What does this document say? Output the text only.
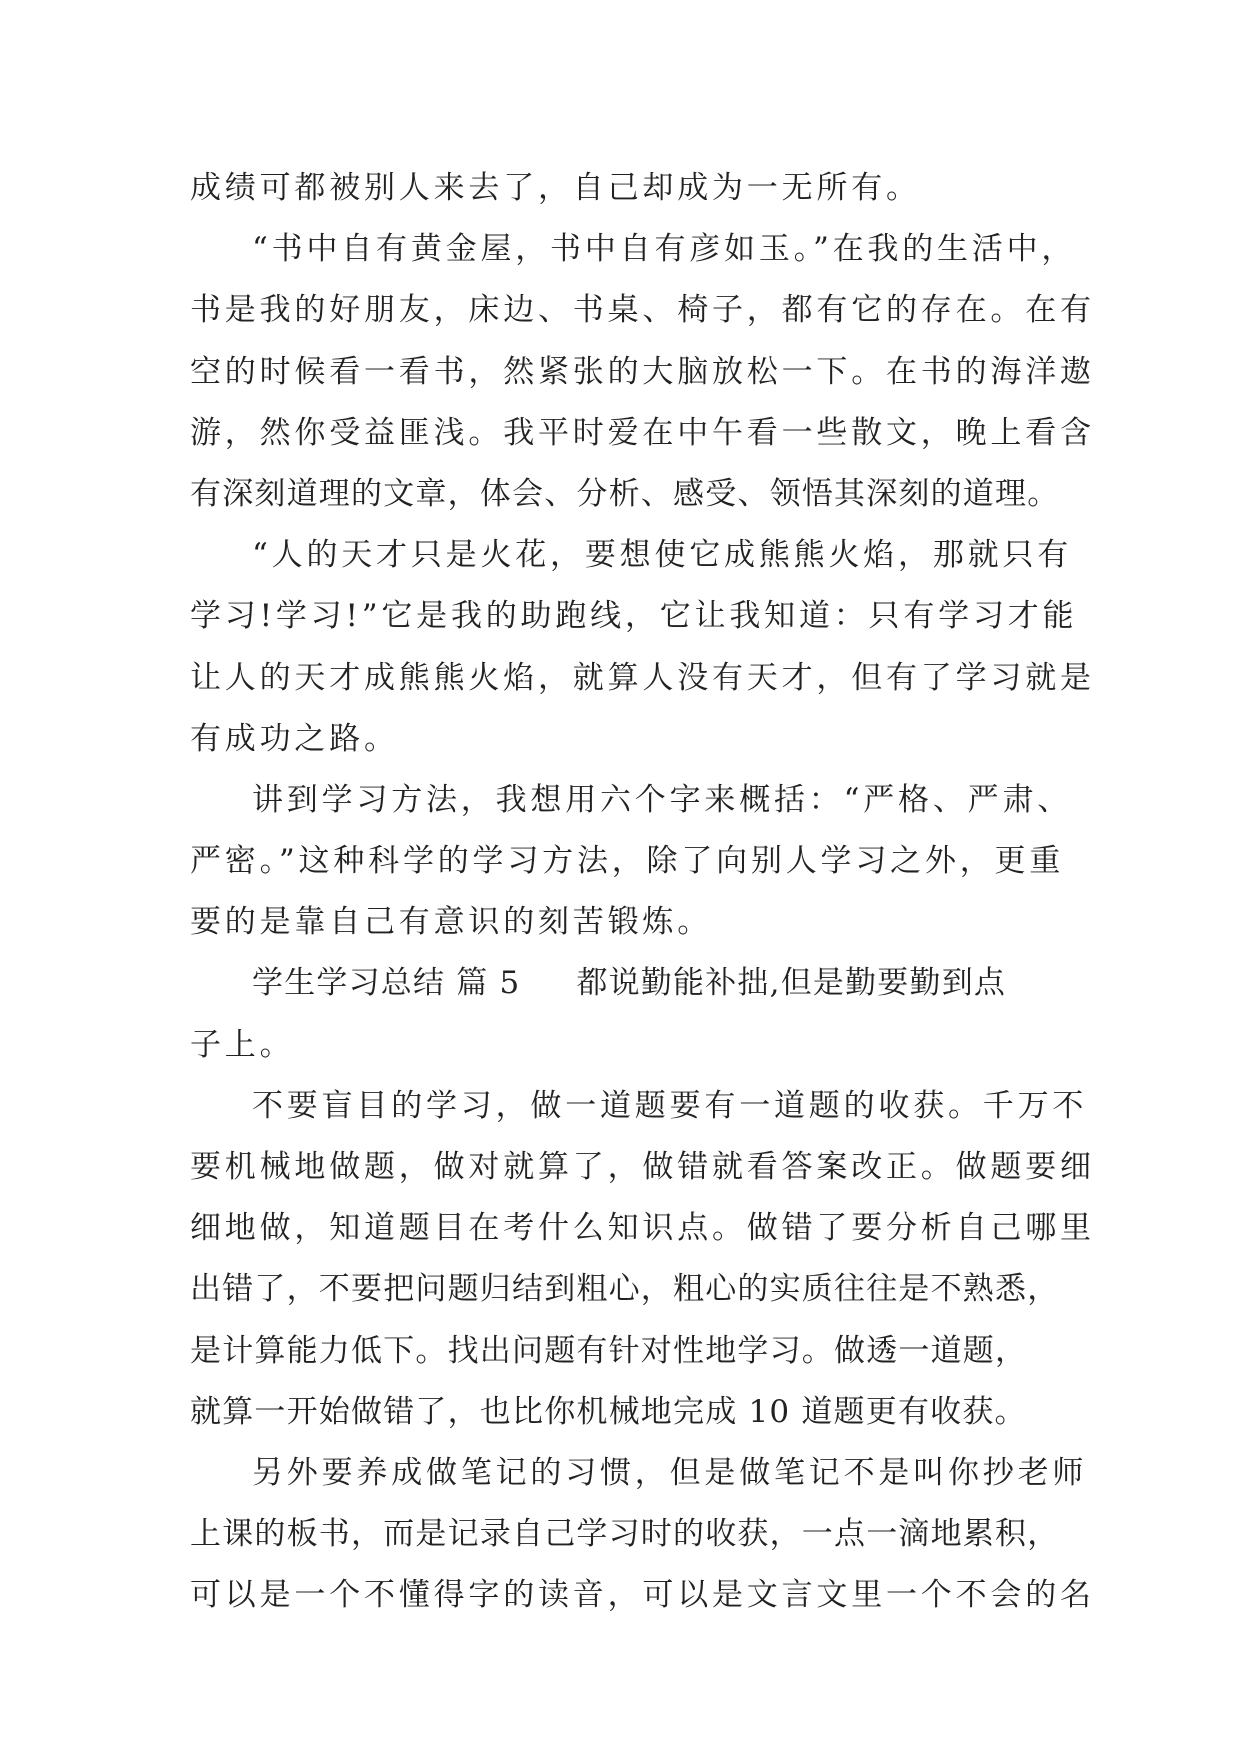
成绩可都被别人来去了，自己却成为一无所有。
“书中自有黄金屋，书中自有彦如玉。”在我的生活中，
书是我的好朋友，床边、书桌、椅子，都有它的存在。在有
空的时候看一看书，然紧张的大脑放松一下。在书的海洋遨
游，然你受益匪浅。我平时爱在中午看一些散文，晚上看含
有深刻道理的文章，体会、分析、感受、领悟其深刻的道理。
“人的天才只是火花，要想使它成熊熊火焰，那就只有
学习!学习!”它是我的助跑线，它让我知道：只有学习才能
让人的天才成熊熊火焰，就算人没有天才，但有了学习就是
有成功之路。
讲到学习方法，我想用六个字来概括：“严格、严肃、
严密。”这种科学的学习方法，除了向别人学习之外，更重
要的是靠自己有意识的刻苦锻炼。
学生学习总结 篇 5 都说勤能补拙,但是勤要勤到点
子上。
不要盲目的学习，做一道题要有一道题的收获。千万不
要机械地做题，做对就算了，做错就看答案改正。做题要细
细地做，知道题目在考什么知识点。做错了要分析自己哪里
出错了，不要把问题归结到粗心，粗心的实质往往是不熟悉，
是计算能力低下。找出问题有针对性地学习。做透一道题，
就算一开始做错了，也比你机械地完成 10 道题更有收获。
另外要养成做笔记的习惯，但是做笔记不是叫你抄老师
上课的板书，而是记录自己学习时的收获，一点一滴地累积，
可以是一个不懂得字的读音，可以是文言文里一个不会的名
